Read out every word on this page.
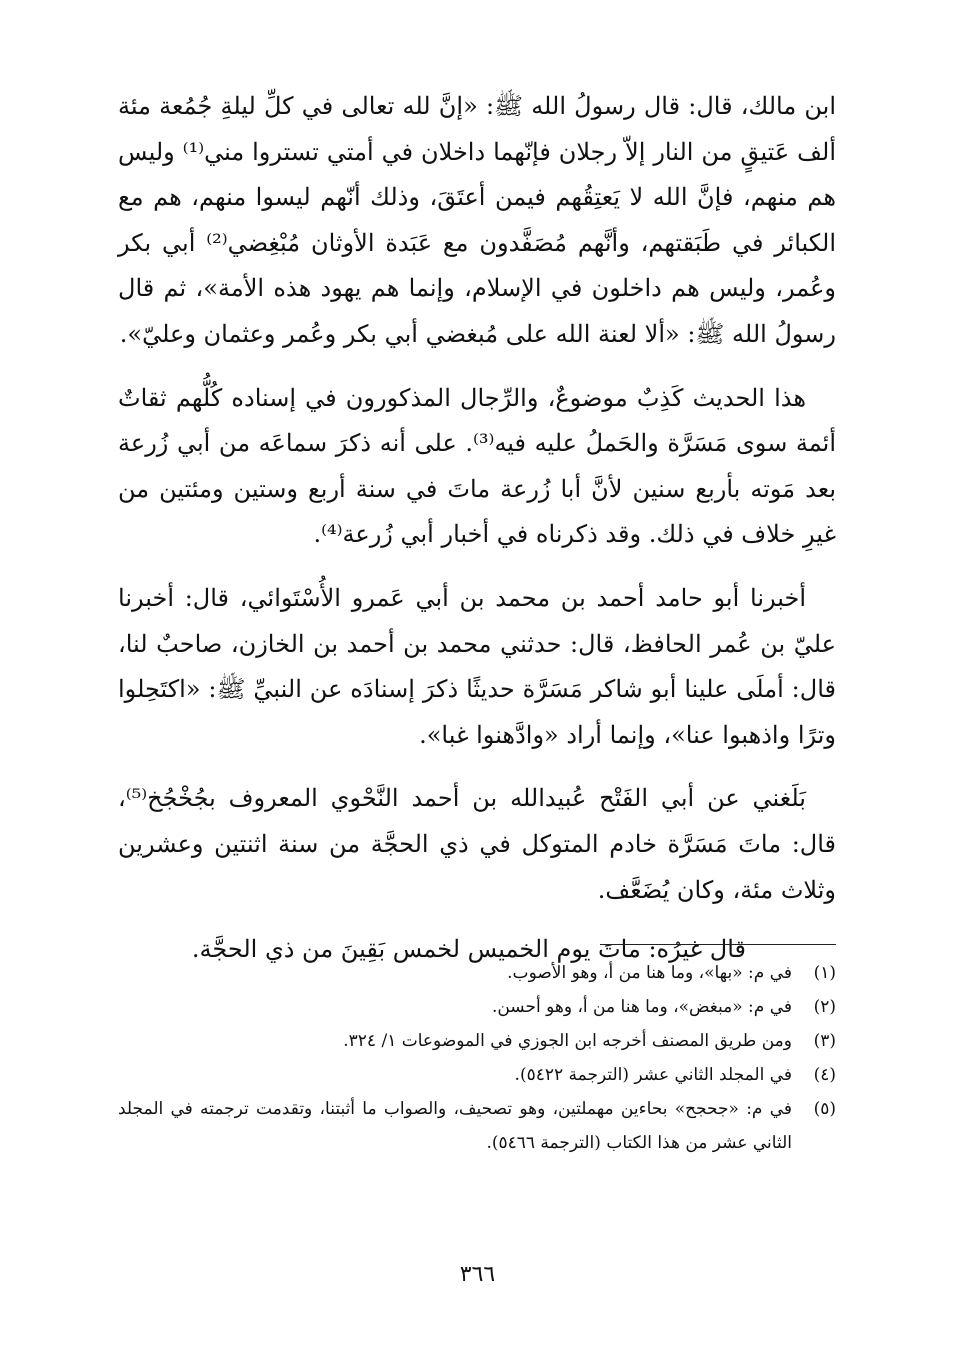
ابن مالك، قال: قال رسولُ الله ﷺ: «إنَّ لله تعالى في كلِّ ليلةِ جُمُعة مئة ألف عَتيقٍ من النار إلاّ رجلان فإنّهما داخلان في أمتي تستروا مني⁽¹⁾ وليس هم منهم، فإنَّ الله لا يَعتِقُهم فيمن أعتَقَ، وذلك أنّهم ليسوا منهم، هم مع الكبائر في طَبَقتهم، وأنَّهم مُصَفَّدون مع عَبَدة الأوثان مُبْغِضي⁽²⁾ أبي بكر وعُمر، وليس هم داخلون في الإسلام، وإنما هم يهود هذه الأمة»، ثم قال رسولُ الله ﷺ: «ألا لعنة الله على مُبغضي أبي بكر وعُمر وعثمان وعليّ».

هذا الحديث كَذِبٌ موضوعٌ، والرِّجال المذكورون في إسناده كُلُّهم ثقاتٌ أئمة سوى مَسَرَّة والحَملُ عليه فيه⁽³⁾. على أنه ذكرَ سماعَه من أبي زُرعة بعد مَوته بأربع سنين لأنَّ أبا زُرعة ماتَ في سنة أربع وستين ومئتين من غيرِ خلاف في ذلك. وقد ذكرناه في أخبار أبي زُرعة⁽⁴⁾.

أخبرنا أبو حامد أحمد بن محمد بن أبي عَمرو الأُسْتَوائي، قال: أخبرنا عليّ بن عُمر الحافظ، قال: حدثني محمد بن أحمد بن الخازن، صاحبٌ لنا، قال: أملَى علينا أبو شاكر مَسَرَّة حديثًا ذكرَ إسنادَه عن النبيِّ ﷺ: «اكتَحِلوا وترًا واذهبوا عنا»، وإنما أراد «وادَّهنوا غبا».

بَلَغني عن أبي الفَتْح عُبيدالله بن أحمد النَّحْوي المعروف بجُخْجُخ⁽⁵⁾، قال: ماتَ مَسَرَّة خادم المتوكل في ذي الحجَّة من سنة اثنتين وعشرين وثلاث مئة، وكان يُضَعَّف.

قال غيرُه: ماتَ يوم الخميس لخمس بَقِينَ من ذي الحجَّة.

(١)
في م: «بها»، وما هنا من أ، وهو الأصوب.
(٢)
في م: «مبغض»، وما هنا من أ، وهو أحسن.
(٣)
ومن طريق المصنف أخرجه ابن الجوزي في الموضوعات ١/ ٣٢٤.
(٤)
في المجلد الثاني عشر (الترجمة ٥٤٢٢).
(٥)
في م: «جحجح» بحاءين مهملتين، وهو تصحيف، والصواب ما أثبتنا، وتقدمت ترجمته في المجلد الثاني عشر من هذا الكتاب (الترجمة ٥٤٦٦).
٣٦٦
